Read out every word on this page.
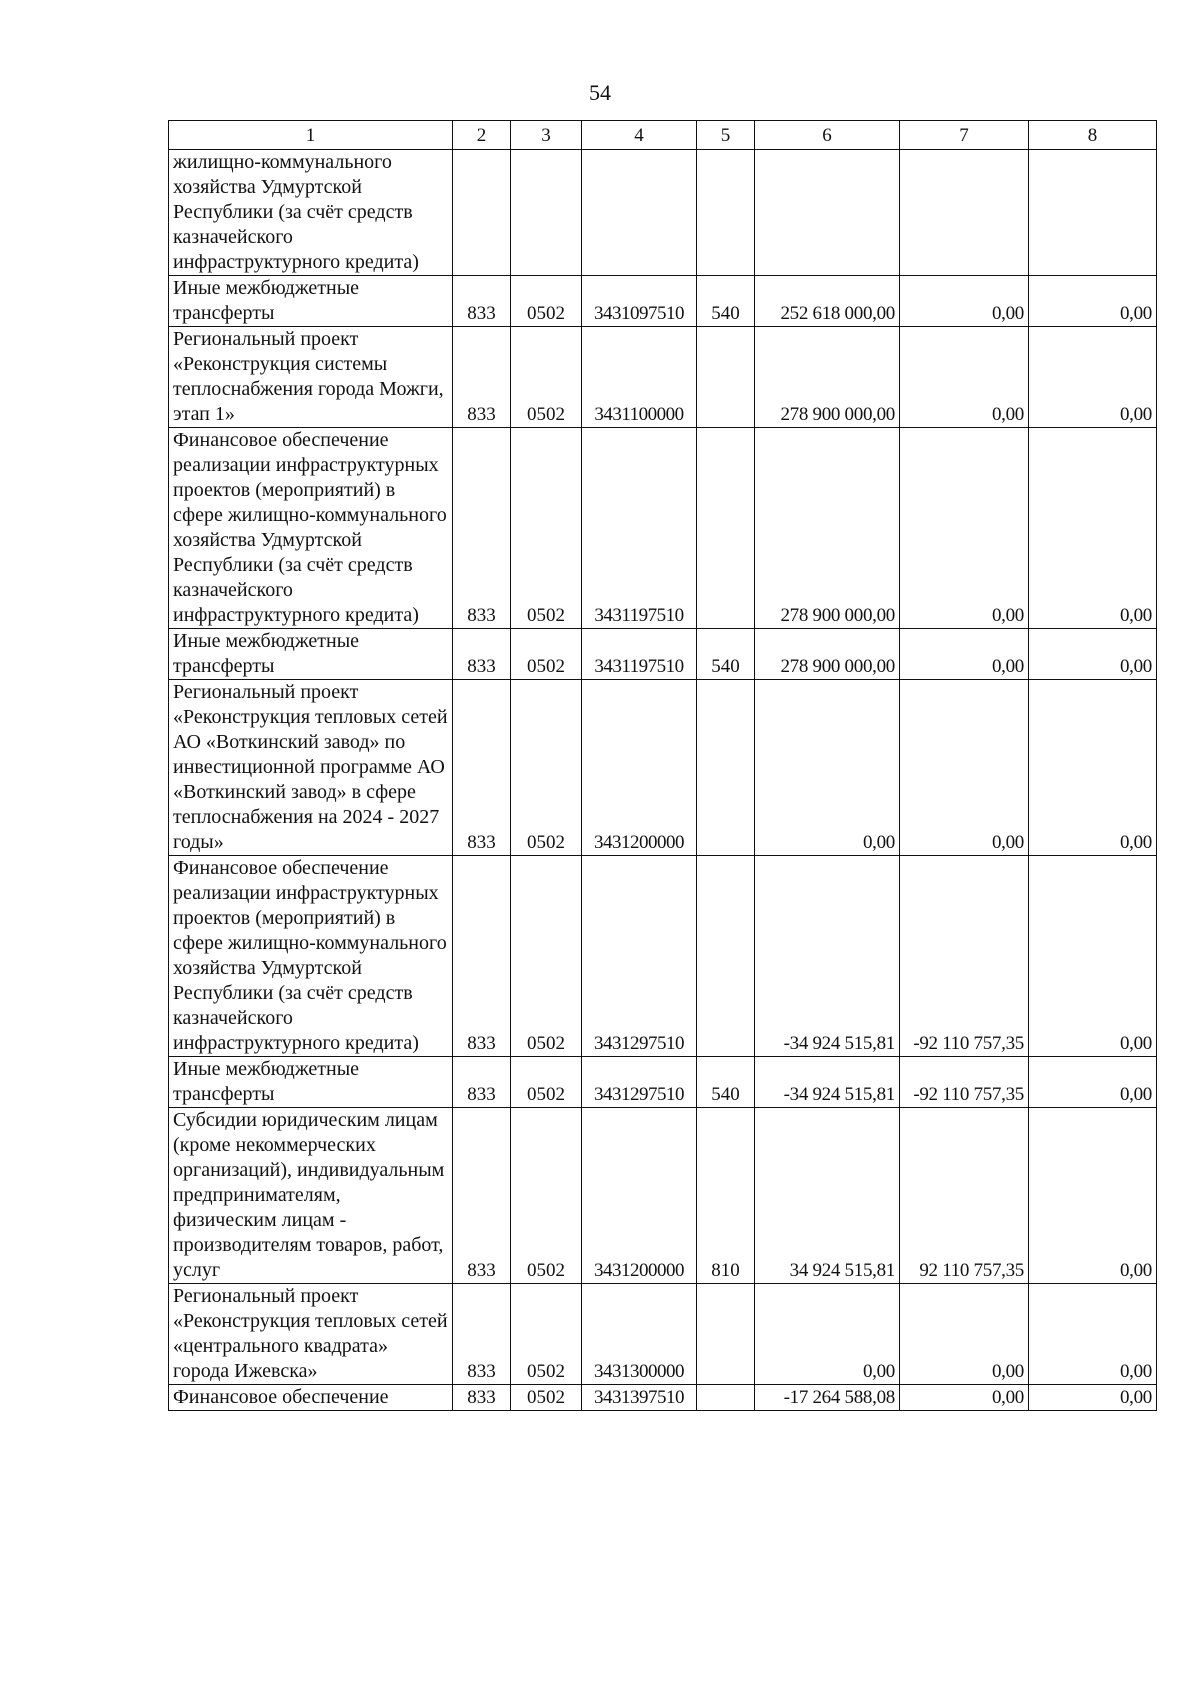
54
1	2	3	4	5	6	7	8
жилищно-коммунального хозяйства Удмуртской Республики (за счёт средств казначейского инфраструктурного кредита)							
Иные межбюджетные трансферты	833	0502	3431097510	540	252 618 000,00	0,00	0,00
Региональный проект «Реконструкция системы теплоснабжения города Можги, этап 1»	833	0502	3431100000		278 900 000,00	0,00	0,00
Финансовое обеспечение реализации инфраструктурных проектов (мероприятий) в сфере жилищно-коммунального хозяйства Удмуртской Республики (за счёт средств казначейского инфраструктурного кредита)	833	0502	3431197510		278 900 000,00	0,00	0,00
Иные межбюджетные трансферты	833	0502	3431197510	540	278 900 000,00	0,00	0,00
Региональный проект «Реконструкция тепловых сетей АО «Воткинский завод» по инвестиционной программе АО «Воткинский завод» в сфере теплоснабжения на 2024 - 2027 годы»	833	0502	3431200000		0,00	0,00	0,00
Финансовое обеспечение реализации инфраструктурных проектов (мероприятий) в сфере жилищно-коммунального хозяйства Удмуртской Республики (за счёт средств казначейского инфраструктурного кредита)	833	0502	3431297510		-34 924 515,81	-92 110 757,35	0,00
Иные межбюджетные трансферты	833	0502	3431297510	540	-34 924 515,81	-92 110 757,35	0,00
Субсидии юридическим лицам (кроме некоммерческих организаций), индивидуальным предпринимателям, физическим лицам - производителям товаров, работ, услуг	833	0502	3431200000	810	34 924 515,81	92 110 757,35	0,00
Региональный проект «Реконструкция тепловых сетей «центрального квадрата» города Ижевска»	833	0502	3431300000		0,00	0,00	0,00
Финансовое обеспечение	833	0502	3431397510		-17 264 588,08	0,00	0,00
